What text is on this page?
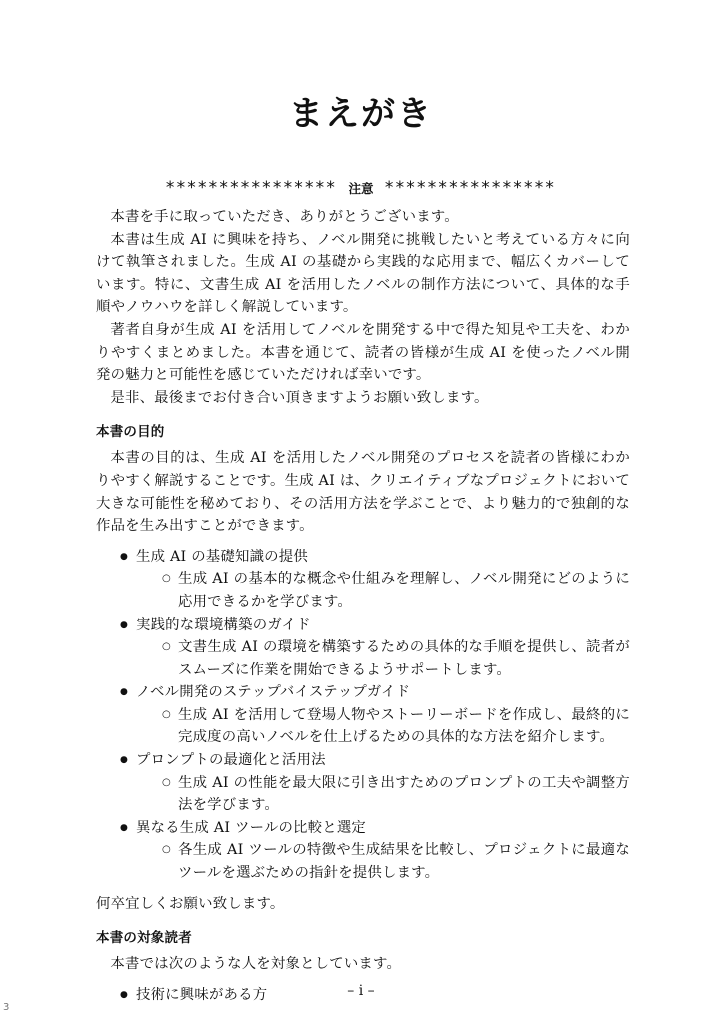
まえがき
**************** 注意 ****************

本書を手に取っていただき、ありがとうございます。

本書は生成 AI に興味を持ち、ノベル開発に挑戦したいと考えている方々に向けて執筆されました。生成 AI の基礎から実践的な応用まで、幅広くカバーしています。特に、文書生成 AI を活用したノベルの制作方法について、具体的な手順やノウハウを詳しく解説しています。

著者自身が生成 AI を活用してノベルを開発する中で得た知見や工夫を、わかりやすくまとめました。本書を通じて、読者の皆様が生成 AI を使ったノベル開発の魅力と可能性を感じていただければ幸いです。

是非、最後までお付き合い頂きますようお願い致します。

本書の目的

本書の目的は、生成 AI を活用したノベル開発のプロセスを読者の皆様にわかりやすく解説することです。生成 AI は、クリエイティブなプロジェクトにおいて大きな可能性を秘めており、その活用方法を学ぶことで、より魅力的で独創的な作品を生み出すことができます。

● 生成 AI の基礎知識の提供
○ 生成 AI の基本的な概念や仕組みを理解し、ノベル開発にどのように応用できるかを学びます。
● 実践的な環境構築のガイド
○ 文書生成 AI の環境を構築するための具体的な手順を提供し、読者がスムーズに作業を開始できるようサポートします。
● ノベル開発のステップバイステップガイド
○ 生成 AI を活用して登場人物やストーリーボードを作成し、最終的に完成度の高いノベルを仕上げるための具体的な方法を紹介します。
● プロンプトの最適化と活用法
○ 生成 AI の性能を最大限に引き出すためのプロンプトの工夫や調整方法を学びます。
● 異なる生成 AI ツールの比較と選定
○ 各生成 AI ツールの特徴や生成結果を比較し、プロジェクトに最適なツールを選ぶための指針を提供します。

何卒宜しくお願い致します。

本書の対象読者

本書では次のような人を対象としています。

● 技術に興味がある方	– i –
3
